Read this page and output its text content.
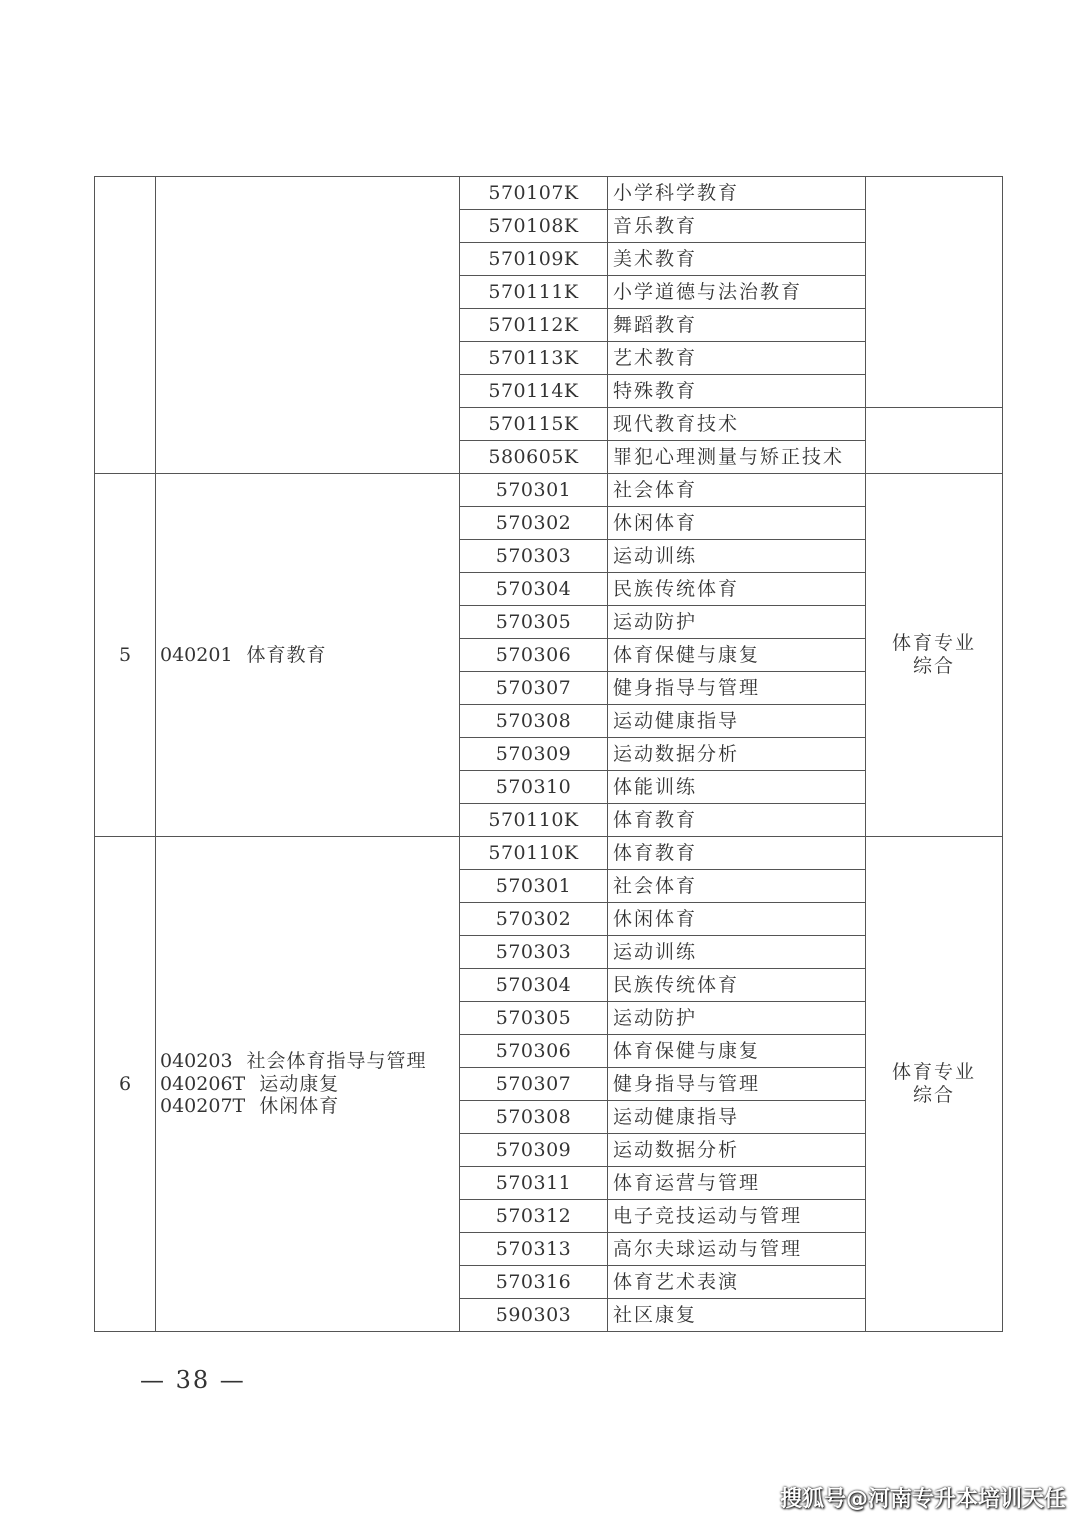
		570107K	小学科学教育	
		570108K	音乐教育	
		570109K	美术教育	
		570111K	小学道德与法治教育	
		570112K	舞蹈教育	
		570113K	艺术教育	
		570114K	特殊教育	
		570115K	现代教育技术	
		580605K	罪犯心理测量与矫正技术	
5	040201 体育教育	570301	社会体育	体育专业
综合

		570302	休闲体育	
		570303	运动训练	
		570304	民族传统体育	
		570305	运动防护	
		570306	体育保健与康复	
		570307	健身指导与管理	
		570308	运动健康指导	
		570309	运动数据分析	
		570310	体能训练	
		570110K	体育教育	
6	040203 社会体育指导与管理
040206T 运动康复
040207T 休闲体育	570110K	体育教育	体育专业
综合

		570301	社会体育	
		570302	休闲体育	
		570303	运动训练	
		570304	民族传统体育	
		570305	运动防护	
		570306	体育保健与康复	
		570307	健身指导与管理	
		570308	运动健康指导	
		570309	运动数据分析	
		570311	体育运营与管理	
		570312	电子竞技运动与管理	
		570313	高尔夫球运动与管理	
		570316	体育艺术表演	
		590303	社区康复	
— 38 —
搜狐号@河南专升本培训天任
